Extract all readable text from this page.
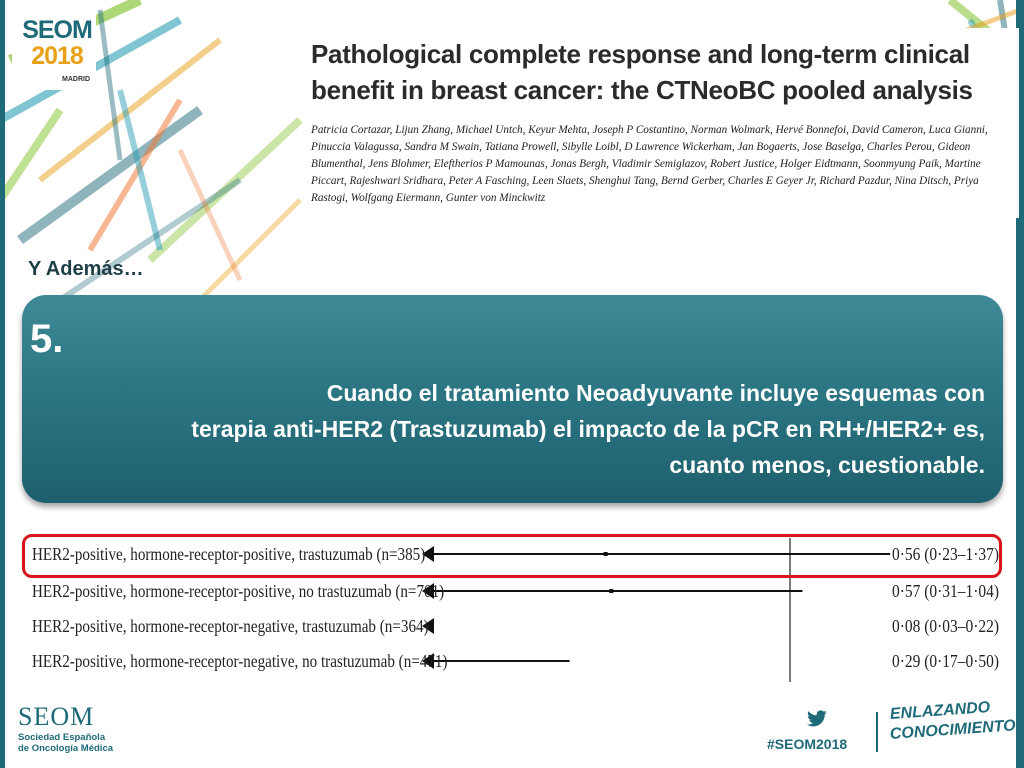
SEOM
2018
MADRID
Pathological complete response and long-term clinical
benefit in breast cancer: the CTNeoBC pooled analysis
Patricia Cortazar, Lijun Zhang, Michael Untch, Keyur Mehta, Joseph P Costantino, Norman Wolmark, Hervé Bonnefoi, David Cameron, Luca Gianni, Pinuccia Valagussa, Sandra M Swain, Tatiana Prowell, Sibylle Loibl, D Lawrence Wickerham, Jan Bogaerts, Jose Baselga, Charles Perou, Gideon Blumenthal, Jens Blohmer, Eleftherios P Mamounas, Jonas Bergh, Vladimir Semiglazov, Robert Justice, Holger Eidtmann, Soonmyung Paik, Martine Piccart, Rajeshwari Sridhara, Peter A Fasching, Leen Slaets, Shenghui Tang, Bernd Gerber, Charles E Geyer Jr, Richard Pazdur, Nina Ditsch, Priya Rastogi, Wolfgang Eiermann, Gunter von Minckwitz
Y Además…
5.
Cuando el tratamiento Neoadyuvante incluye esquemas con
terapia anti-HER2 (Trastuzumab) el impacto de la pCR en RH+/HER2+ es,
cuanto menos, cuestionable.
HER2-positive, hormone-receptor-positive, trastuzumab (n=385)	0·56 (0·23–1·37)
HER2-positive, hormone-receptor-positive, no trastuzumab (n=701)	0·57 (0·31–1·04)
HER2-positive, hormone-receptor-negative, trastuzumab (n=364)	0·08 (0·03–0·22)
HER2-positive, hormone-receptor-negative, no trastuzumab (n=471)	0·29 (0·17–0·50)
SEOM
Sociedad Española
de Oncología Médica	#SEOM2018
ENLAZANDO
CONOCIMIENTO
